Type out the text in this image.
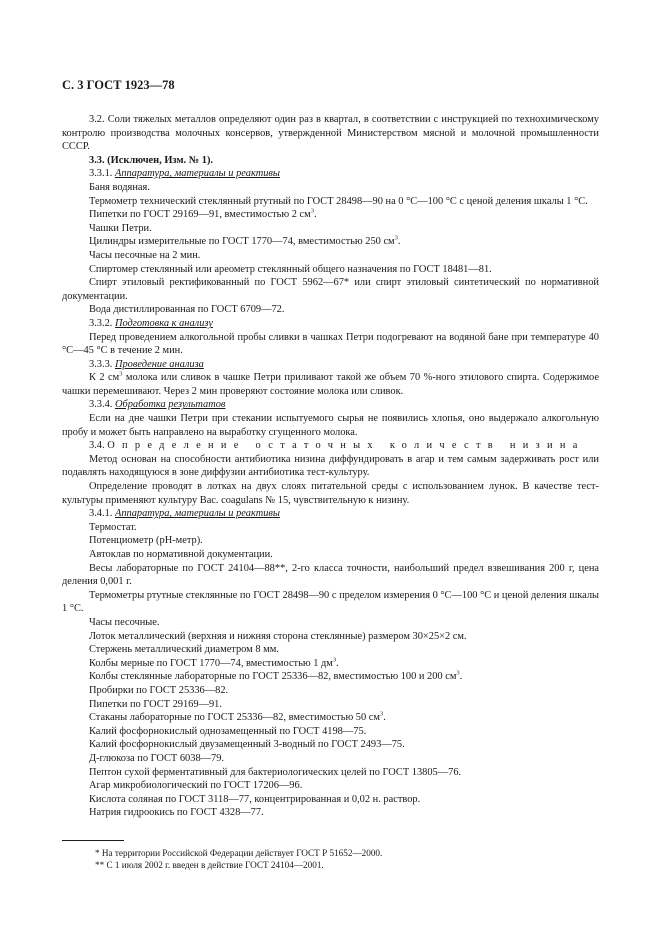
С. 3 ГОСТ 1923—78

3.2. Соли тяжелых металлов определяют один раз в квартал, в соответствии с инструкцией по технохимическому контролю производства молочных консервов, утвержденной Министерством мясной и молочной промышленности СССР.

3.3. (Исключен, Изм. № 1).

3.3.1. Аппаратура, материалы и реактивы

Баня водяная.

Термометр технический стеклянный ртутный по ГОСТ 28498—90 на 0 °С—100 °С с ценой деления шкалы 1 °С.

Пипетки по ГОСТ 29169—91, вместимостью 2 $см^3$.

Чашки Петри.

Цилиндры измерительные по ГОСТ 1770—74, вместимостью 250 $см^3$.

Часы песочные на 2 мин.

Спиртомер стеклянный или ареометр стеклянный общего назначения по ГОСТ 18481—81.

Спирт этиловый ректификованный по ГОСТ 5962—67* или спирт этиловый синтетический по нормативной документации.

Вода дистиллированная по ГОСТ 6709—72.

3.3.2. Подготовка к анализу

Перед проведением алкогольной пробы сливки в чашках Петри подогревают на водяной бане при температуре 40 °С—45 °С в течение 2 мин.

3.3.3. Проведение анализа

К 2 $см^3$ молока или сливок в чашке Петри приливают такой же объем 70 %-ного этилового спирта. Содержимое чашки перемешивают. Через 2 мин проверяют состояние молока или сливок.

3.3.4. Обработка результатов

Если на дне чашки Петри при стекании испытуемого сырья не появились хлопья, оно выдержало алкогольную пробу и может быть направлено на выработку сгущенного молока.

3.4. Определение остаточных количеств низина

Метод основан на способности антибиотика низина диффундировать в агар и тем самым задерживать рост или подавлять находящуюся в зоне диффузии антибиотика тест-культуру.

Определение проводят в лотках на двух слоях питательной среды с использованием лунок. В качестве тест-культуры применяют культуру Bac. coagulans № 15, чувствительную к низину.

3.4.1. Аппаратура, материалы и реактивы

Термостат.

Потенциометр (рН-метр).

Автоклав по нормативной документации.

Весы лабораторные по ГОСТ 24104—88**, 2-го класса точности, наибольший предел взвешивания 200 г, цена деления 0,001 г.

Термометры ртутные стеклянные по ГОСТ 28498—90 с пределом измерения 0 °С—100 °С и ценой деления шкалы 1 °С.

Часы песочные.

Лоток металлический (верхняя и нижняя сторона стеклянные) размером 30×25×2 см.

Стержень металлический диаметром 8 мм.

Колбы мерные по ГОСТ 1770—74, вместимостью 1 $дм^3$.

Колбы стеклянные лабораторные по ГОСТ 25336—82, вместимостью 100 и 200 $см^3$.

Пробирки по ГОСТ 25336—82.

Пипетки по ГОСТ 29169—91.

Стаканы лабораторные по ГОСТ 25336—82, вместимостью 50 $см^3$.

Калий фосфорнокислый однозамещенный по ГОСТ 4198—75.

Калий фосфорнокислый двузамещенный 3-водный по ГОСТ 2493—75.

Д-глюкоза по ГОСТ 6038—79.

Пептон сухой ферментативный для бактериологических целей по ГОСТ 13805—76.

Агар микробиологический по ГОСТ 17206—96.

Кислота соляная по ГОСТ 3118—77, концентрированная и 0,02 н. раствор.

Натрия гидроокись по ГОСТ 4328—77.

* На территории Российской Федерации действует ГОСТ Р 51652—2000.

** С 1 июля 2002 г. введен в действие ГОСТ 24104—2001.
